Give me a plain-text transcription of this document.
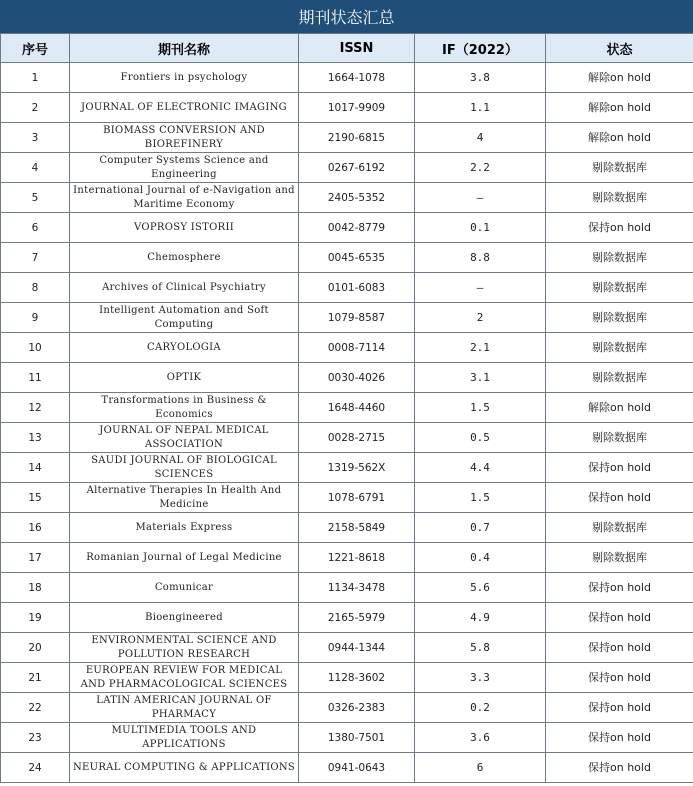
期刊状态汇总
序号	期刊名称	ISSN	IF（2022）	状态
1	Frontiers in psychology	1664-1078	3.8	解除on hold
2	JOURNAL OF ELECTRONIC IMAGING	1017-9909	1.1	解除on hold
3	BIOMASS CONVERSION AND BIOREFINERY	2190-6815	4	解除on hold
4	Computer Systems Science and Engineering	0267-6192	2.2	剔除数据库
5	International Journal of e-Navigation and Maritime Economy	2405-5352	—	剔除数据库
6	VOPROSY ISTORII	0042-8779	0.1	保持on hold
7	Chemosphere	0045-6535	8.8	剔除数据库
8	Archives of Clinical Psychiatry	0101-6083	—	剔除数据库
9	Intelligent Automation and Soft Computing	1079-8587	2	剔除数据库
10	CARYOLOGIA	0008-7114	2.1	剔除数据库
11	OPTIK	0030-4026	3.1	剔除数据库
12	Transformations in Business & Economics	1648-4460	1.5	解除on hold
13	JOURNAL OF NEPAL MEDICAL ASSOCIATION	0028-2715	0.5	剔除数据库
14	SAUDI JOURNAL OF BIOLOGICAL SCIENCES	1319-562X	4.4	保持on hold
15	Alternative Therapies In Health And Medicine	1078-6791	1.5	保持on hold
16	Materials Express	2158-5849	0.7	剔除数据库
17	Romanian Journal of Legal Medicine	1221-8618	0.4	剔除数据库
18	Comunicar	1134-3478	5.6	保持on hold
19	Bioengineered	2165-5979	4.9	保持on hold
20	ENVIRONMENTAL SCIENCE AND POLLUTION RESEARCH	0944-1344	5.8	保持on hold
21	EUROPEAN REVIEW FOR MEDICAL AND PHARMACOLOGICAL SCIENCES	1128-3602	3.3	保持on hold
22	LATIN AMERICAN JOURNAL OF PHARMACY	0326-2383	0.2	保持on hold
23	MULTIMEDIA TOOLS AND APPLICATIONS	1380-7501	3.6	保持on hold
24	NEURAL COMPUTING & APPLICATIONS	0941-0643	6	保持on hold
